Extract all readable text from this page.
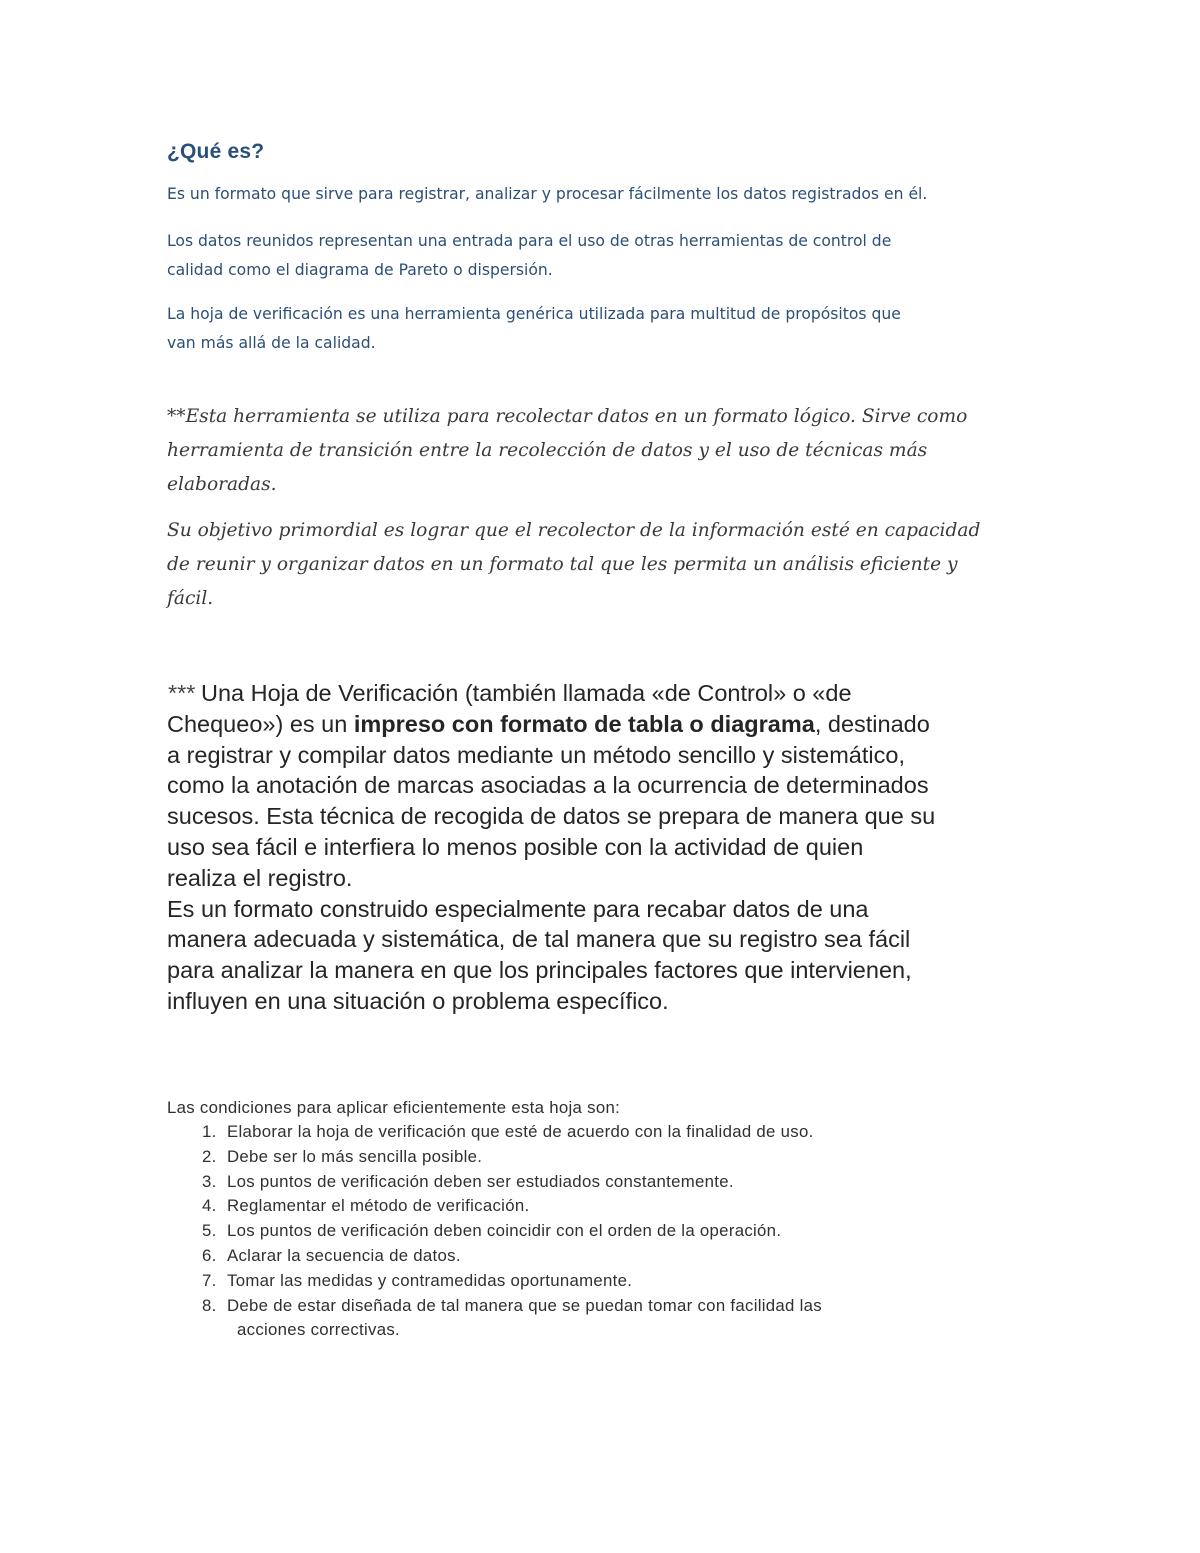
¿Qué es?

Es un formato que sirve para registrar, analizar y procesar fácilmente los datos registrados en él.

Los datos reunidos representan una entrada para el uso de otras herramientas de control de
calidad como el diagrama de Pareto o dispersión.

La hoja de verificación es una herramienta genérica utilizada para multitud de propósitos que
van más allá de la calidad.

**Esta herramienta se utiliza para recolectar datos en un formato lógico. Sirve como
herramienta de transición entre la recolección de datos y el uso de técnicas más
elaboradas.

Su objetivo primordial es lograr que el recolector de la información esté en capacidad
de reunir y organizar datos en un formato tal que les permita un análisis eficiente y
fácil.

*** Una Hoja de Verificación (también llamada «de Control» o «de
Chequeo») es un impreso con formato de tabla o diagrama, destinado
a registrar y compilar datos mediante un método sencillo y sistemático,
como la anotación de marcas asociadas a la ocurrencia de determinados
sucesos. Esta técnica de recogida de datos se prepara de manera que su
uso sea fácil e interfiera lo menos posible con la actividad de quien
realiza el registro.
Es un formato construido especialmente para recabar datos de una
manera adecuada y sistemática, de tal manera que su registro sea fácil
para analizar la manera en que los principales factores que intervienen,
influyen en una situación o problema específico.

Las condiciones para aplicar eficientemente esta hoja son:
1. Elaborar la hoja de verificación que esté de acuerdo con la finalidad de uso.
2. Debe ser lo más sencilla posible.
3. Los puntos de verificación deben ser estudiados constantemente.
4. Reglamentar el método de verificación.
5. Los puntos de verificación deben coincidir con el orden de la operación.
6. Aclarar la secuencia de datos.
7. Tomar las medidas y contramedidas oportunamente.
8. Debe de estar diseñada de tal manera que se puedan tomar con facilidad las
acciones correctivas.
